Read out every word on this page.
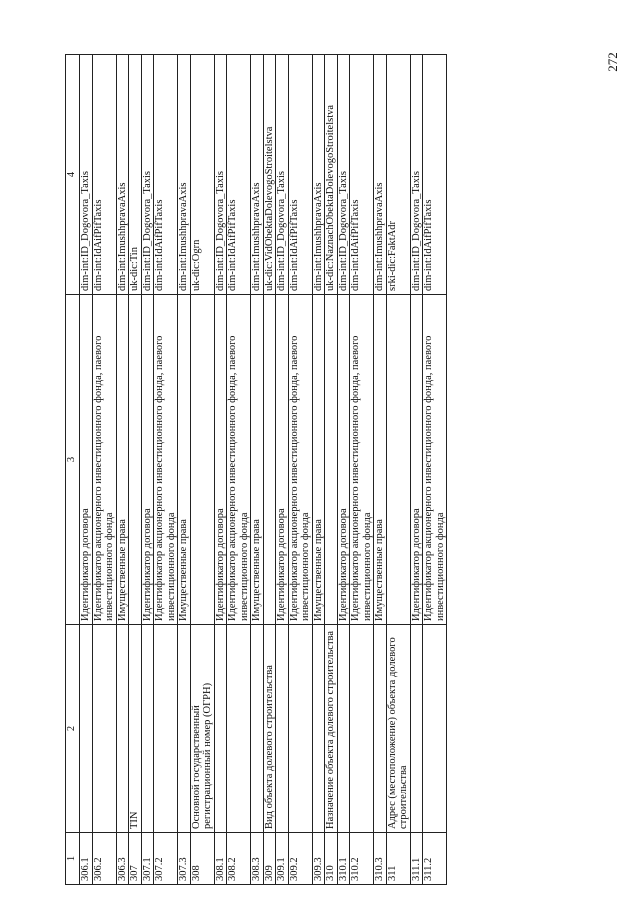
272
1	2	3	4
306.1		Идентификатор договора	dim-int:ID_Dogovora_Taxis
306.2		Идентификатор акционерного инвестиционного фонда, паевого инвестиционного фонда	dim-int:IdAifPifTaxis
306.3		Имущественные права	dim-int:ImushhpravaAxis
307	TIN		uk-dic:Tin
307.1		Идентификатор договора	dim-int:ID_Dogovora_Taxis
307.2		Идентификатор акционерного инвестиционного фонда, паевого инвестиционного фонда	dim-int:IdAifPifTaxis
307.3		Имущественные права	dim-int:ImushhpravaAxis
308	Основной государственный регистрационный номер (ОГРН)		uk-dic:Ogrn
308.1		Идентификатор договора	dim-int:ID_Dogovora_Taxis
308.2		Идентификатор акционерного инвестиционного фонда, паевого инвестиционного фонда	dim-int:IdAifPifTaxis
308.3		Имущественные права	dim-int:ImushhpravaAxis
309	Вид объекта долевого строительства		uk-dic:VidObektaDolevogoStroitelstva
309.1		Идентификатор договора	dim-int:ID_Dogovora_Taxis
309.2		Идентификатор акционерного инвестиционного фонда, паевого инвестиционного фонда	dim-int:IdAifPifTaxis
309.3		Имущественные права	dim-int:ImushhpravaAxis
310	Назначение объекта долевого строительства		uk-dic:NaznachObektaDolevogoStroitelstva
310.1		Идентификатор договора	dim-int:ID_Dogovora_Taxis
310.2		Идентификатор акционерного инвестиционного фонда, паевого инвестиционного фонда	dim-int:IdAifPifTaxis
310.3		Имущественные права	dim-int:ImushhpravaAxis
311	Адрес (местоположение) объекта долевого строительства		srki-dic:FaktAdr
311.1		Идентификатор договора	dim-int:ID_Dogovora_Taxis
311.2		Идентификатор акционерного инвестиционного фонда, паевого инвестиционного фонда	dim-int:IdAifPifTaxis
